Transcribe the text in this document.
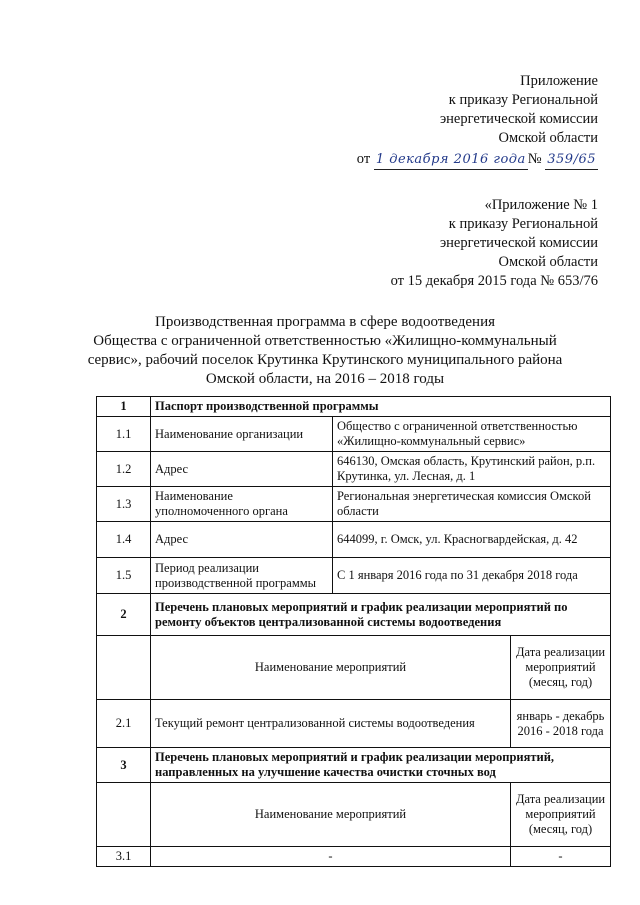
Приложение
к приказу Региональной
энергетической комиссии
Омской области
от 1 декабря 2016 года № 359/65
«Приложение № 1
к приказу Региональной
энергетической комиссии
Омской области
от 15 декабря 2015 года № 653/76
Производственная программа в сфере водоотведения
Общества с ограниченной ответственностью «Жилищно-коммунальный
сервис», рабочий поселок Крутинка Крутинского муниципального района
Омской области, на 2016 – 2018 годы
1	Паспорт производственной программы		
1.1	Наименование организации	Общество с ограниченной ответственностью «Жилищно-коммунальный сервис»	
1.2	Адрес	646130, Омская область, Крутинский район, р.п. Крутинка, ул. Лесная, д. 1	
1.3	Наименование уполномоченного органа	Региональная энергетическая комиссия Омской области	
1.4	Адрес	644099, г. Омск, ул. Красногвардейская, д. 42	
1.5	Период реализации производственной программы	С 1 января 2016 года по 31 декабря 2018 года	
2	Перечень плановых мероприятий и график реализации мероприятий по ремонту объектов централизованной системы водоотведения		
	Наименование мероприятий		Дата реализации мероприятий (месяц, год)
2.1	Текущий ремонт централизованной системы водоотведения		январь - декабрь 2016 - 2018 года
3	Перечень плановых мероприятий и график реализации мероприятий, направленных на улучшение качества очистки сточных вод		
	Наименование мероприятий		Дата реализации мероприятий (месяц, год)
3.1	-		-
